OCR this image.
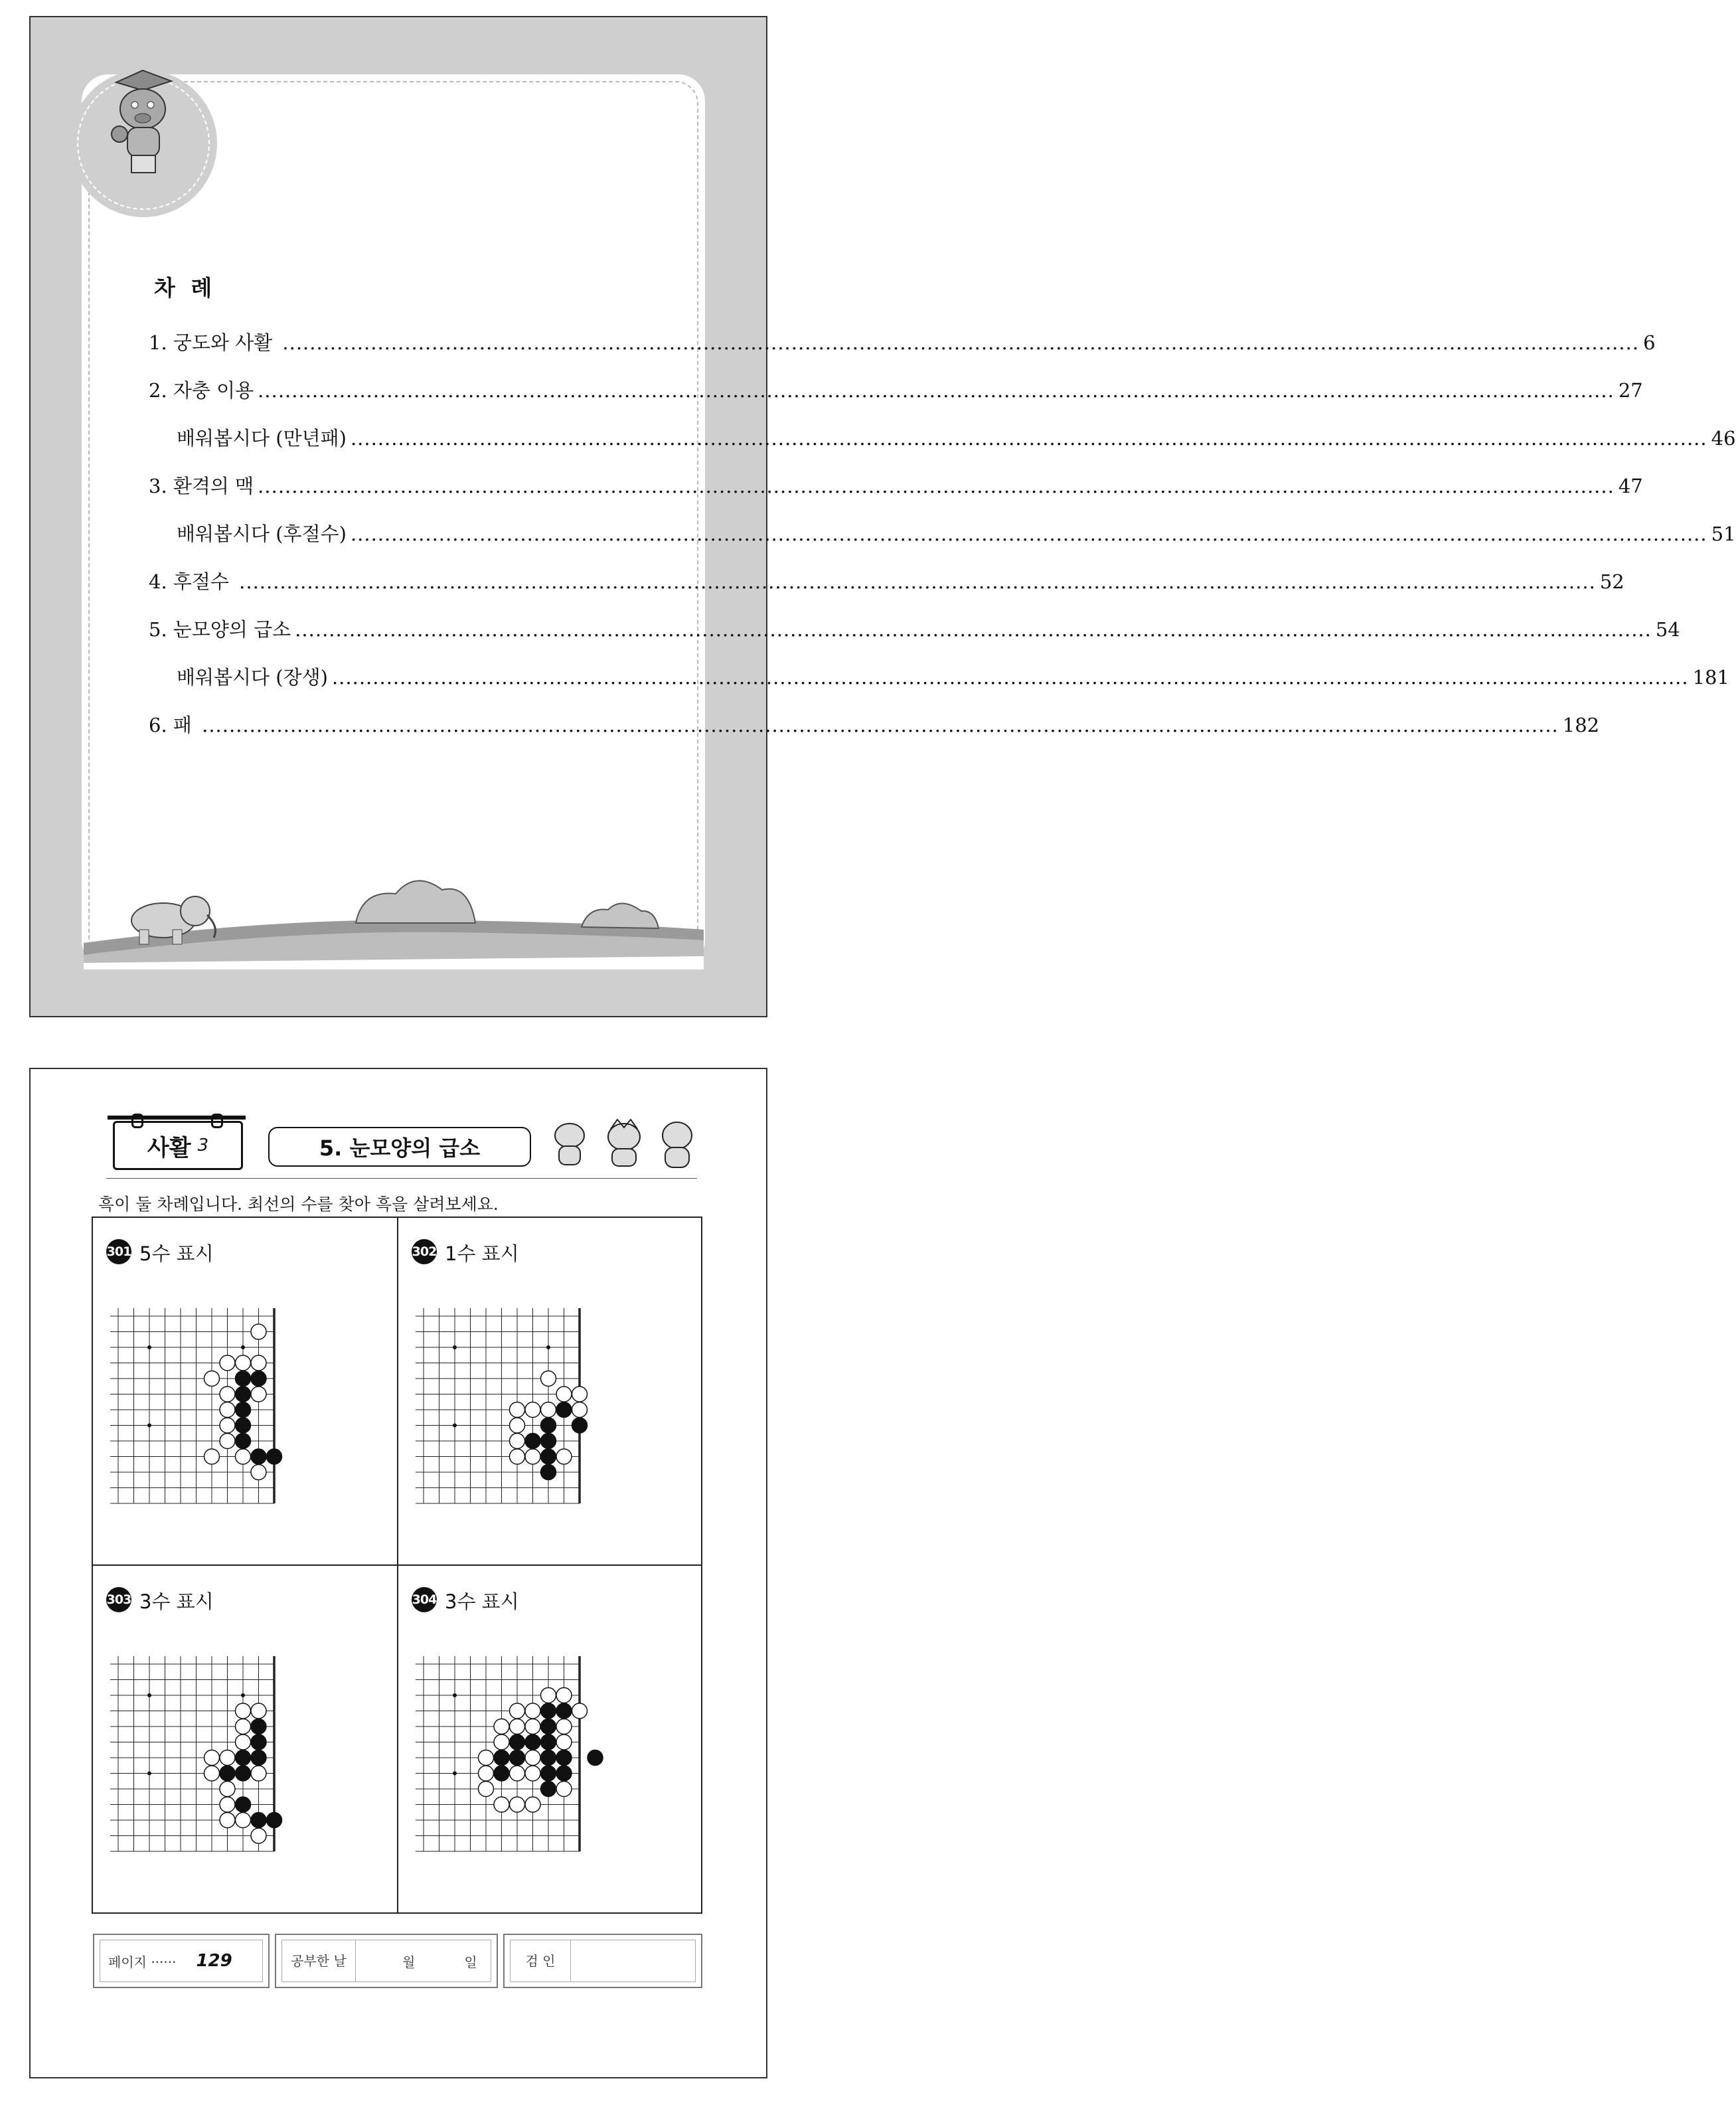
차 례
1. 궁도와 사활 ........................................................................................................................................................................................................ 6
2. 자충 이용 ........................................................................................................................................................................................................ 27
배워봅시다 (만년패) ........................................................................................................................................................................................................ 46
3. 환격의 맥 ........................................................................................................................................................................................................ 47
배워봅시다 (후절수) ........................................................................................................................................................................................................ 51
4. 후절수 ........................................................................................................................................................................................................ 52
5. 눈모양의 급소 ........................................................................................................................................................................................................ 54
배워봅시다 (장생) ........................................................................................................................................................................................................ 181
6. 패 ........................................................................................................................................................................................................ 182
사활 3	5. 눈모양의 급소
흑이 둘 차례입니다. 최선의 수를 찾아 흑을 살려보세요.
301 5수 표시	302 1수 표시
303 3수 표시	304 3수 표시
페이지 ······ 129	공부한 날	월	일	검 인
